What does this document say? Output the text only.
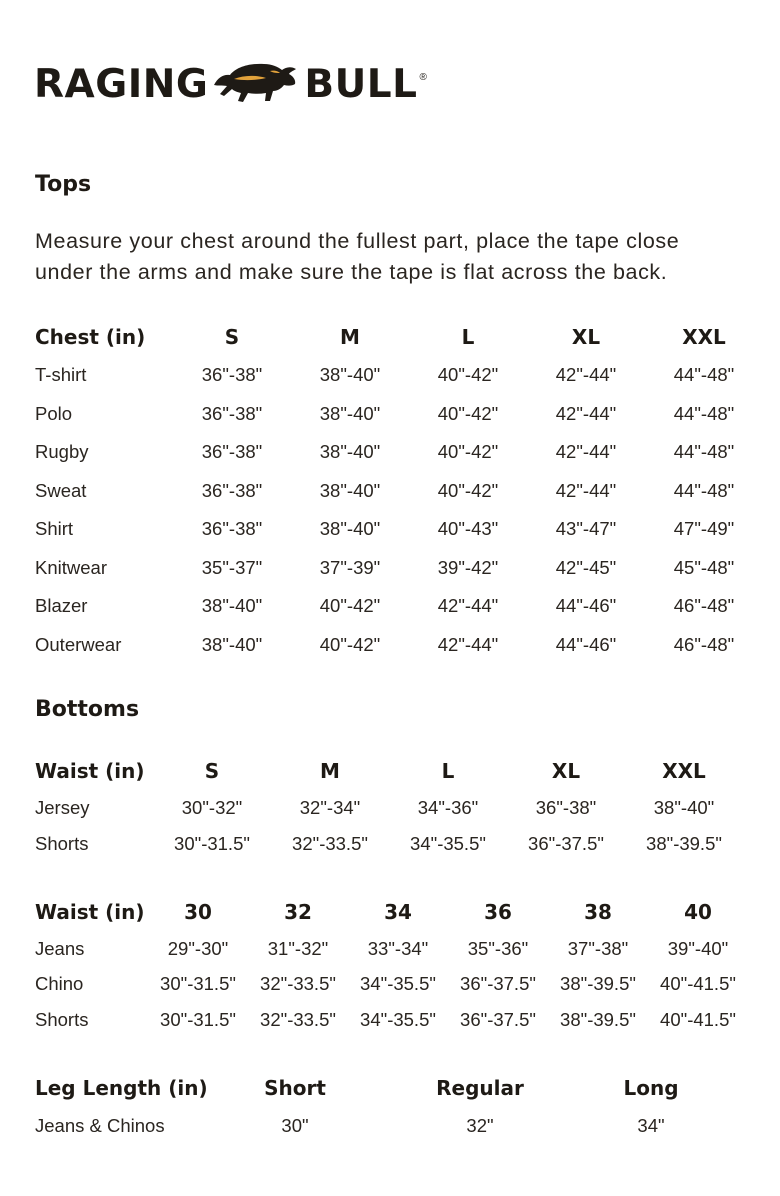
RAGING BULL ®
Tops
Measure your chest around the fullest part, place the tape close under the arms and make sure the tape is flat across the back.
Chest (in)	S	M	L	XL	XXL
T-shirt	36"-38"	38"-40"	40"-42"	42"-44"	44"-48"
Polo	36"-38"	38"-40"	40"-42"	42"-44"	44"-48"
Rugby	36"-38"	38"-40"	40"-42"	42"-44"	44"-48"
Sweat	36"-38"	38"-40"	40"-42"	42"-44"	44"-48"
Shirt	36"-38"	38"-40"	40"-43"	43"-47"	47"-49"
Knitwear	35"-37"	37"-39"	39"-42"	42"-45"	45"-48"
Blazer	38"-40"	40"-42"	42"-44"	44"-46"	46"-48"
Outerwear	38"-40"	40"-42"	42"-44"	44"-46"	46"-48"
Bottoms
Waist (in)	S	M	L	XL	XXL
Jersey	30"-32"	32"-34"	34"-36"	36"-38"	38"-40"
Shorts	30"-31.5"	32"-33.5"	34"-35.5"	36"-37.5"	38"-39.5"
Waist (in)	30	32	34	36	38	40
Jeans	29"-30"	31"-32"	33"-34"	35"-36"	37"-38"	39"-40"
Chino	30"-31.5"	32"-33.5"	34"-35.5"	36"-37.5"	38"-39.5"	40"-41.5"
Shorts	30"-31.5"	32"-33.5"	34"-35.5"	36"-37.5"	38"-39.5"	40"-41.5"
Leg Length (in)	Short	Regular	Long
Jeans & Chinos	30"	32"	34"
